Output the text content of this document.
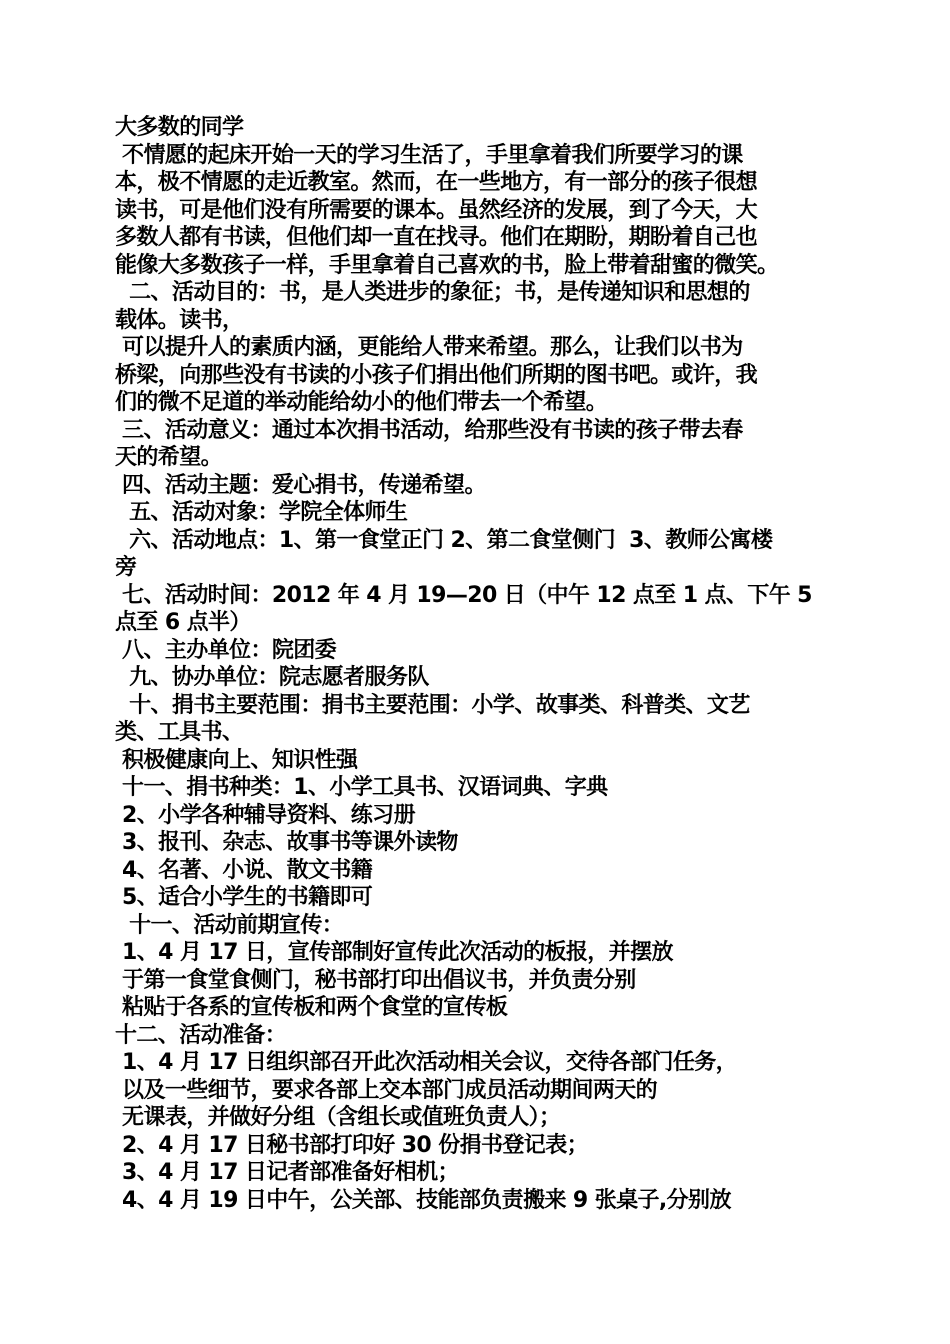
大多数的同学
不情愿的起床开始一天的学习生活了，手里拿着我们所要学习的课
本，极不情愿的走近教室。然而，在一些地方，有一部分的孩子很想
读书，可是他们没有所需要的课本。虽然经济的发展，到了今天，大
多数人都有书读，但他们却一直在找寻。他们在期盼，期盼着自己也
能像大多数孩子一样，手里拿着自己喜欢的书，脸上带着甜蜜的微笑。
二、活动目的：书，是人类进步的象征；书，是传递知识和思想的
载体。读书，
可以提升人的素质内涵，更能给人带来希望。那么，让我们以书为
桥梁，向那些没有书读的小孩子们捐出他们所期的图书吧。或许，我
们的微不足道的举动能给幼小的他们带去一个希望。
三、活动意义：通过本次捐书活动，给那些没有书读的孩子带去春
天的希望。
四、活动主题：爱心捐书，传递希望。
五、活动对象：学院全体师生
六、活动地点：1、第一食堂正门 2、第二食堂侧门  3、教师公寓楼
旁
七、活动时间：2012 年 4 月 19—20 日（中午 12 点至 1 点、下午 5
点至 6 点半）
八、主办单位：院团委
九、协办单位：院志愿者服务队
十、捐书主要范围：捐书主要范围：小学、故事类、科普类、文艺
类、工具书、
积极健康向上、知识性强
十一、捐书种类：1、小学工具书、汉语词典、字典
2、小学各种辅导资料、练习册
3、报刊、杂志、故事书等课外读物
4、名著、小说、散文书籍
5、适合小学生的书籍即可
十一、活动前期宣传：
1、4 月 17 日，宣传部制好宣传此次活动的板报，并摆放
于第一食堂食侧门，秘书部打印出倡议书，并负责分别
粘贴于各系的宣传板和两个食堂的宣传板
十二、活动准备：
1、4 月 17 日组织部召开此次活动相关会议，交待各部门任务，
以及一些细节，要求各部上交本部门成员活动期间两天的
无课表，并做好分组（含组长或值班负责人）；
2、4 月 17 日秘书部打印好 30 份捐书登记表；
3、4 月 17 日记者部准备好相机；
4、4 月 19 日中午，公关部、技能部负责搬来 9 张桌子,分别放
